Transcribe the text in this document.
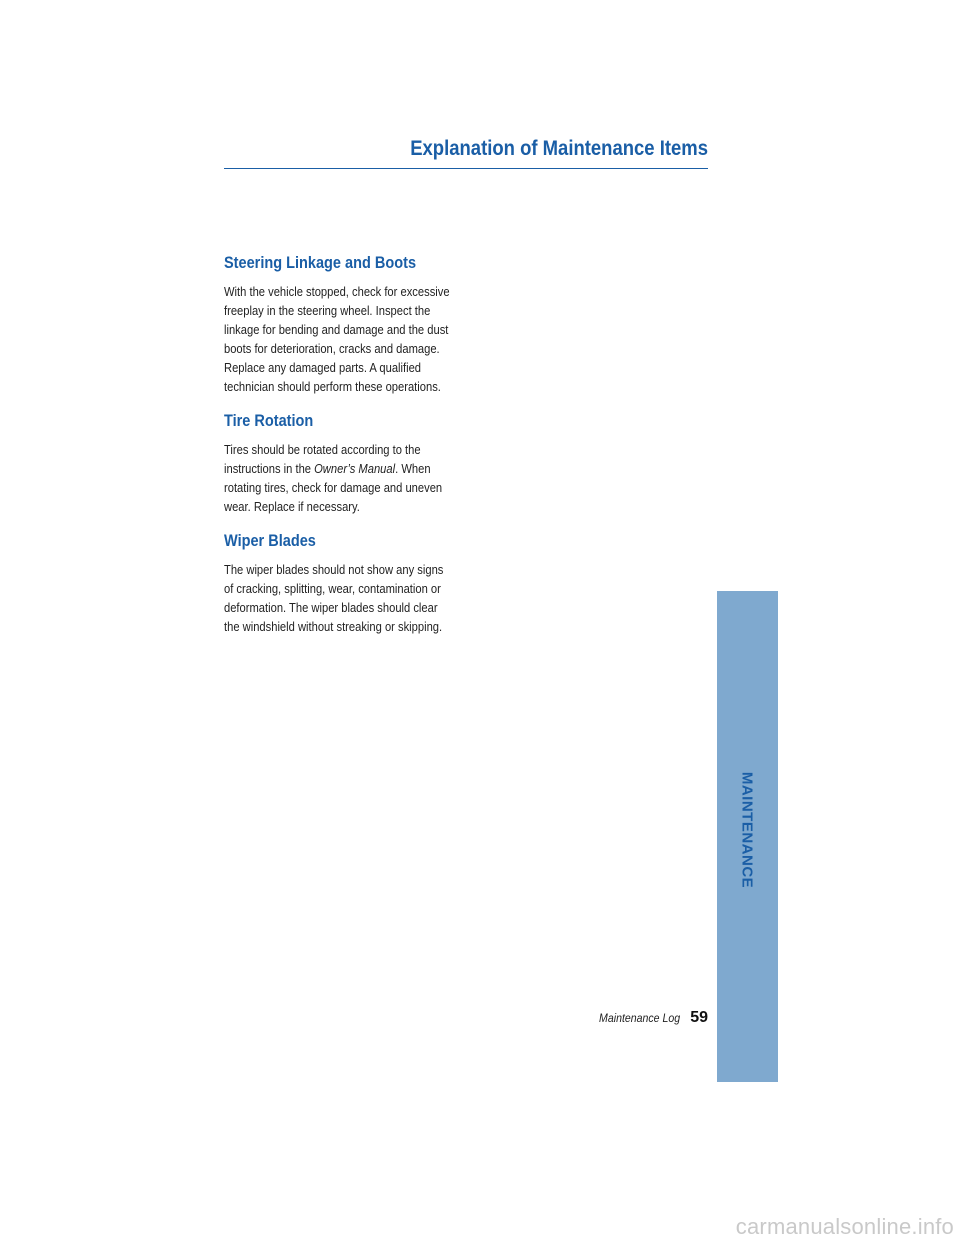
Explanation of Maintenance Items
Steering Linkage and Boots

With the vehicle stopped, check for excessive freeplay in the steering wheel. Inspect the linkage for bending and damage and the dust boots for deterioration, cracks and damage. Replace any damaged parts. A qualified technician should perform these operations.

Tire Rotation

Tires should be rotated according to the instructions in the Owner’s Manual. When rotating tires, check for damage and uneven wear. Replace if necessary.

Wiper Blades

The wiper blades should not show any signs of cracking, splitting, wear, contamination or deformation. The wiper blades should clear the windshield without streaking or skipping.

MAINTENANCE
Maintenance Log 59
carmanualsonline.info
